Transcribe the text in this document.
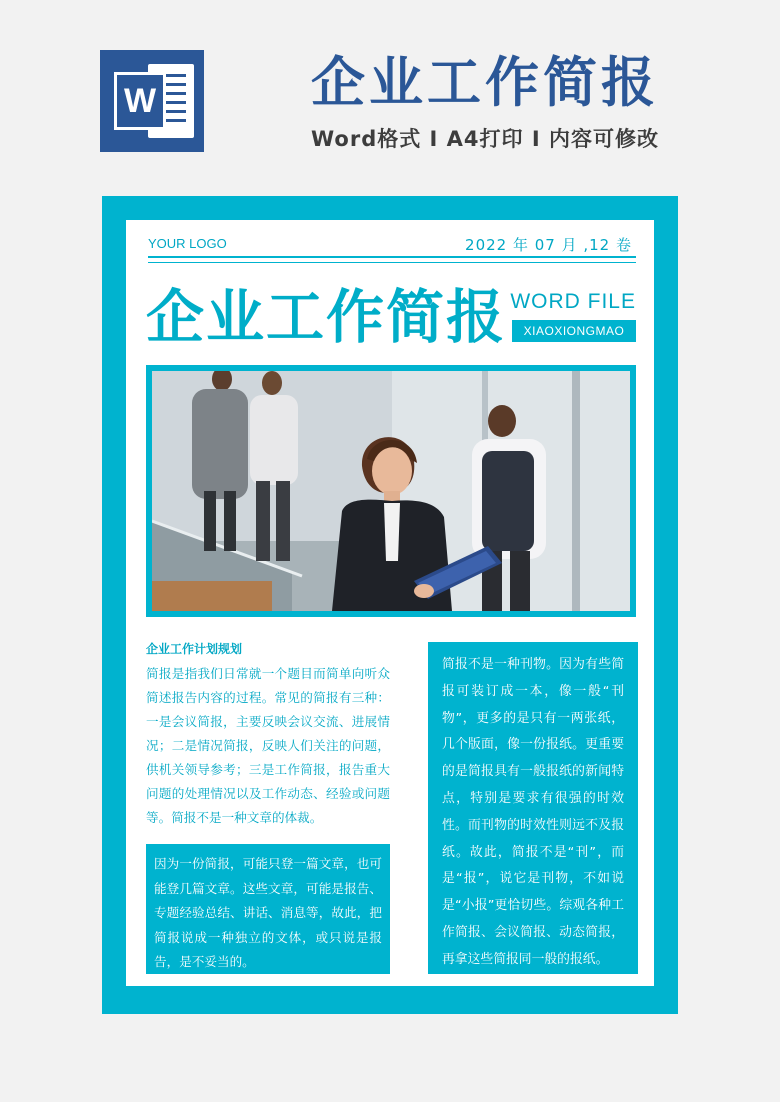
W	企业工作简报
Word格式 I A4打印 I 内容可修改
YOUR LOGO	2022 年 07 月 ,12 卷
企业工作简报 WORD FILE
XIAOXIONGMAO
企业工作计划规划
简报是指我们日常就一个题目而简单向听众简述报告内容的过程。常见的简报有三种：一是会议简报，主要反映会议交流、进展情况；二是情况简报，反映人们关注的问题，供机关领导参考；三是工作简报，报告重大问题的处理情况以及工作动态、经验或问题等。简报不是一种文章的体裁。
因为一份简报，可能只登一篇文章，也可能登几篇文章。这些文章，可能是报告、专题经验总结、讲话、消息等，故此，把简报说成一种独立的文体，或只说是报告，是不妥当的。
简报不是一种刊物。因为有些简报可装订成一本，像一般“刊物”，更多的是只有一两张纸，几个版面，像一份报纸。更重要的是简报具有一般报纸的新闻特点，特别是要求有很强的时效性。而刊物的时效性则远不及报纸。故此，简报不是“刊”，而是“报”，说它是刊物，不如说是“小报”更恰切些。综观各种工作简报、会议简报、动态简报，再拿这些简报同一般的报纸。
